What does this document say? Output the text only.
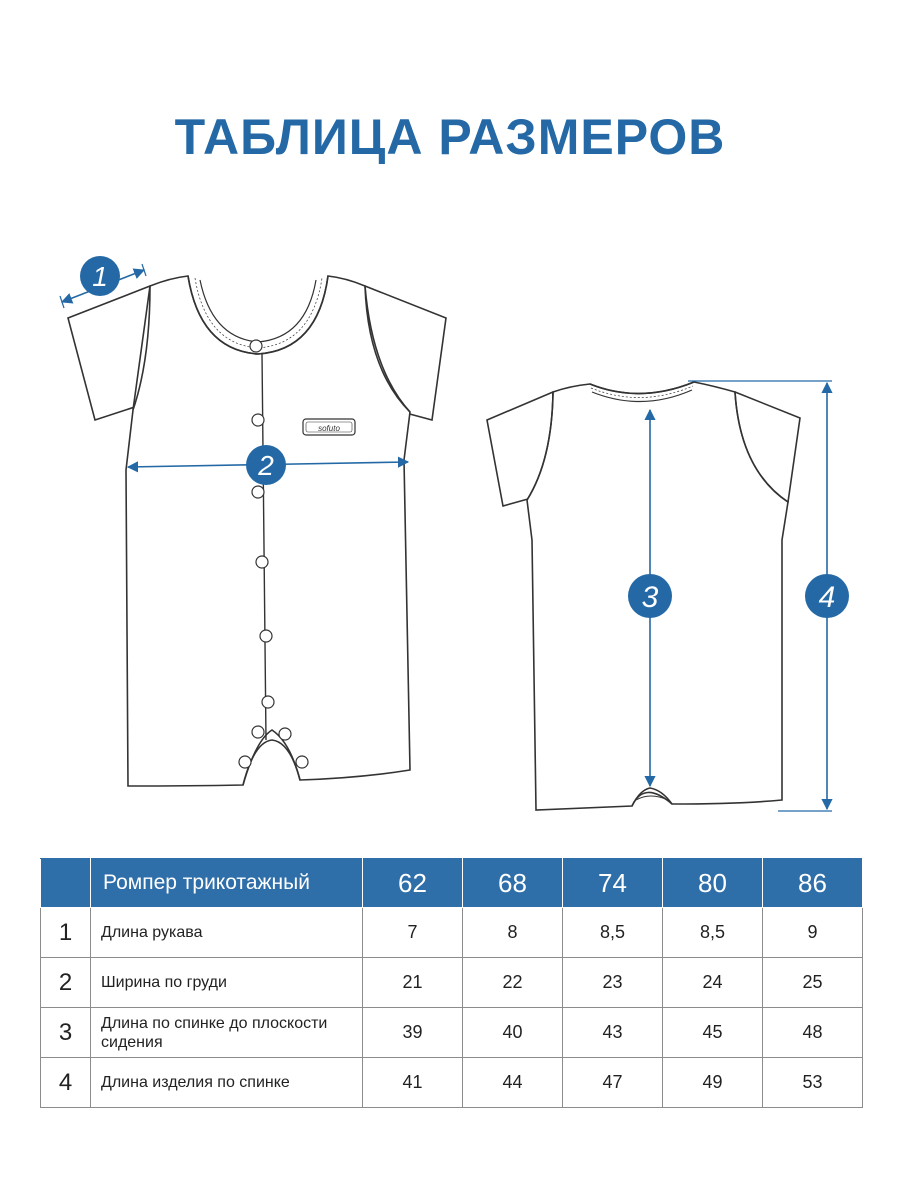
ТАБЛИЦА РАЗМЕРОВ
sofuto
1
2
3	4
	Ромпер трикотажный	62	68	74	80	86
1	Длина рукава	7	8	8,5	8,5	9
2	Ширина по груди	21	22	23	24	25
3	Длина по спинке до плоскости сидения	39	40	43	45	48
4	Длина изделия по спинке	41	44	47	49	53
